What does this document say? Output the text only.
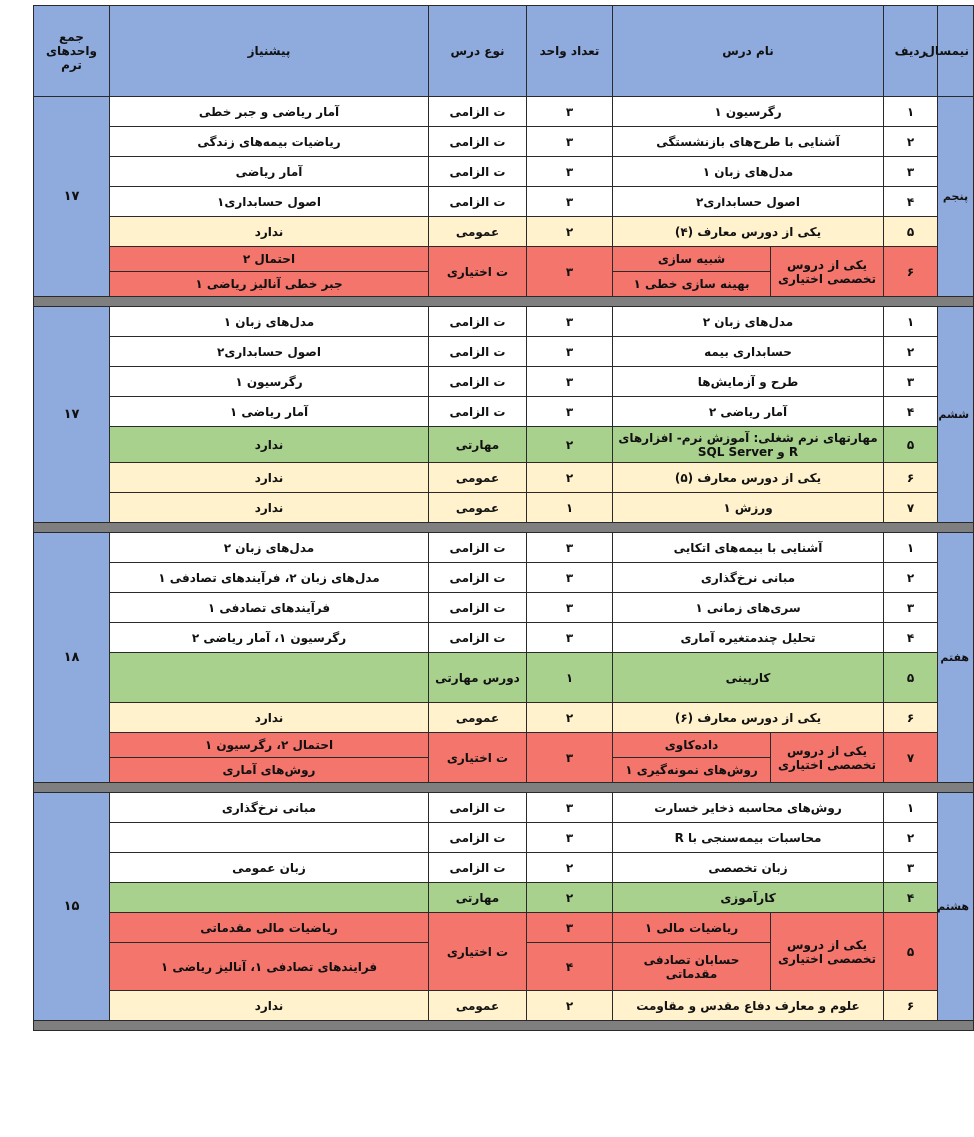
نیمسال	ردیف	نام درس		تعداد واحد	نوع درس	پیشنیاز	جمع واحدهای ترم
پنجم	۱	رگرسیون ۱		۳	ت الزامی	آمار ریاضی و جبر خطی	۱۷
	۲	آشنایی با طرح‌های بازنشستگی		۳	ت الزامی	ریاضیات بیمه‌های زندگی	
	۳	مدل‌های زبان ۱		۳	ت الزامی	آمار ریاضی	
	۴	اصول حسابداری۲		۳	ت الزامی	اصول حسابداری۱	
	۵	یکی از دورس معارف (۴)		۲	عمومی	ندارد	
	۶	یکی از دروس تخصصی اختیاری	شبیه سازی	۳	ت اختیاری	احتمال ۲	
			بهینه سازی خطی ۱			جبر خطی آنالیز ریاضی ۱	

ششم	۱	مدل‌های زبان ۲		۳	ت الزامی	مدل‌های زبان ۱	۱۷
	۲	حسابداری بیمه		۳	ت الزامی	اصول حسابداری۲	
	۳	طرح و آزمایش‌ها		۳	ت الزامی	رگرسیون ۱	
	۴	آمار ریاضی ۲		۳	ت الزامی	آمار ریاضی ۱	
	۵	مهارتهای نرم شغلی: آموزش نرم- افزارهای R و SQL Server		۲	مهارتی	ندارد	
	۶	یکی از دورس معارف (۵)		۲	عمومی	ندارد	
	۷	ورزش ۱		۱	عمومی	ندارد	

هفتم	۱	آشنایی با بیمه‌های اتکایی		۳	ت الزامی	مدل‌های زبان ۲	۱۸
	۲	مبانی نرخ‌گذاری		۳	ت الزامی	مدل‌های زبان ۲، فرآیندهای تصادفی ۱	
	۳	سری‌های زمانی ۱		۳	ت الزامی	فرآیندهای تصادفی ۱	
	۴	تحلیل چندمتغیره آماری		۳	ت الزامی	رگرسیون ۱، آمار ریاضی ۲	
	۵	کارپینی		۱	دورس مهارتی		
	۶	یکی از دورس معارف (۶)		۲	عمومی	ندارد	
	۷	یکی از دروس تخصصی اختیاری	داده‌کاوی	۳	ت اختیاری	احتمال ۲، رگرسیون ۱	
			روش‌های نمونه‌گیری ۱			روش‌های آماری	

هشتم	۱	روش‌های محاسبه ذخایر خسارت		۳	ت الزامی	مبانی نرخ‌گذاری	۱۵
	۲	محاسبات بیمه‌سنجی با R		۳	ت الزامی		
	۳	زبان تخصصی		۲	ت الزامی	زبان عمومی	
	۴	کارآموزی		۲	مهارتی		
	۵	یکی از دروس تخصصی اختیاری	ریاضیات مالی ۱	۳	ت اختیاری	ریاضیات مالی مقدماتی	
			حسابان تصادفی مقدماتی	۴		فرایندهای تصادفی ۱، آنالیز ریاضی ۱	
	۶	علوم و معارف دفاع مقدس و مقاومت		۲	عمومی	ندارد	
